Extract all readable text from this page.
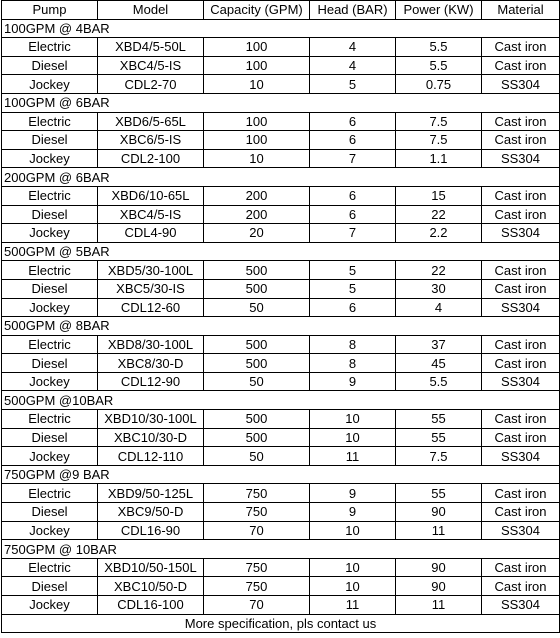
Pump	Model	Capacity (GPM)	Head (BAR)	Power (KW)	Material
100GPM @ 4BAR					
Electric	XBD4/5-50L	100	4	5.5	Cast iron
Diesel	XBC4/5-IS	100	4	5.5	Cast iron
Jockey	CDL2-70	10	5	0.75	SS304
100GPM @ 6BAR					
Electric	XBD6/5-65L	100	6	7.5	Cast iron
Diesel	XBC6/5-IS	100	6	7.5	Cast iron
Jockey	CDL2-100	10	7	1.1	SS304
200GPM @ 6BAR					
Electric	XBD6/10-65L	200	6	15	Cast iron
Diesel	XBC4/5-IS	200	6	22	Cast iron
Jockey	CDL4-90	20	7	2.2	SS304
500GPM @ 5BAR					
Electric	XBD5/30-100L	500	5	22	Cast iron
Diesel	XBC5/30-IS	500	5	30	Cast iron
Jockey	CDL12-60	50	6	4	SS304
500GPM @ 8BAR					
Electric	XBD8/30-100L	500	8	37	Cast iron
Diesel	XBC8/30-D	500	8	45	Cast iron
Jockey	CDL12-90	50	9	5.5	SS304
500GPM @10BAR					
Electric	XBD10/30-100L	500	10	55	Cast iron
Diesel	XBC10/30-D	500	10	55	Cast iron
Jockey	CDL12-110	50	11	7.5	SS304
750GPM @9 BAR					
Electric	XBD9/50-125L	750	9	55	Cast iron
Diesel	XBC9/50-D	750	9	90	Cast iron
Jockey	CDL16-90	70	10	11	SS304
750GPM @ 10BAR					
Electric	XBD10/50-150L	750	10	90	Cast iron
Diesel	XBC10/50-D	750	10	90	Cast iron
Jockey	CDL16-100	70	11	11	SS304
More specification, pls contact us					
